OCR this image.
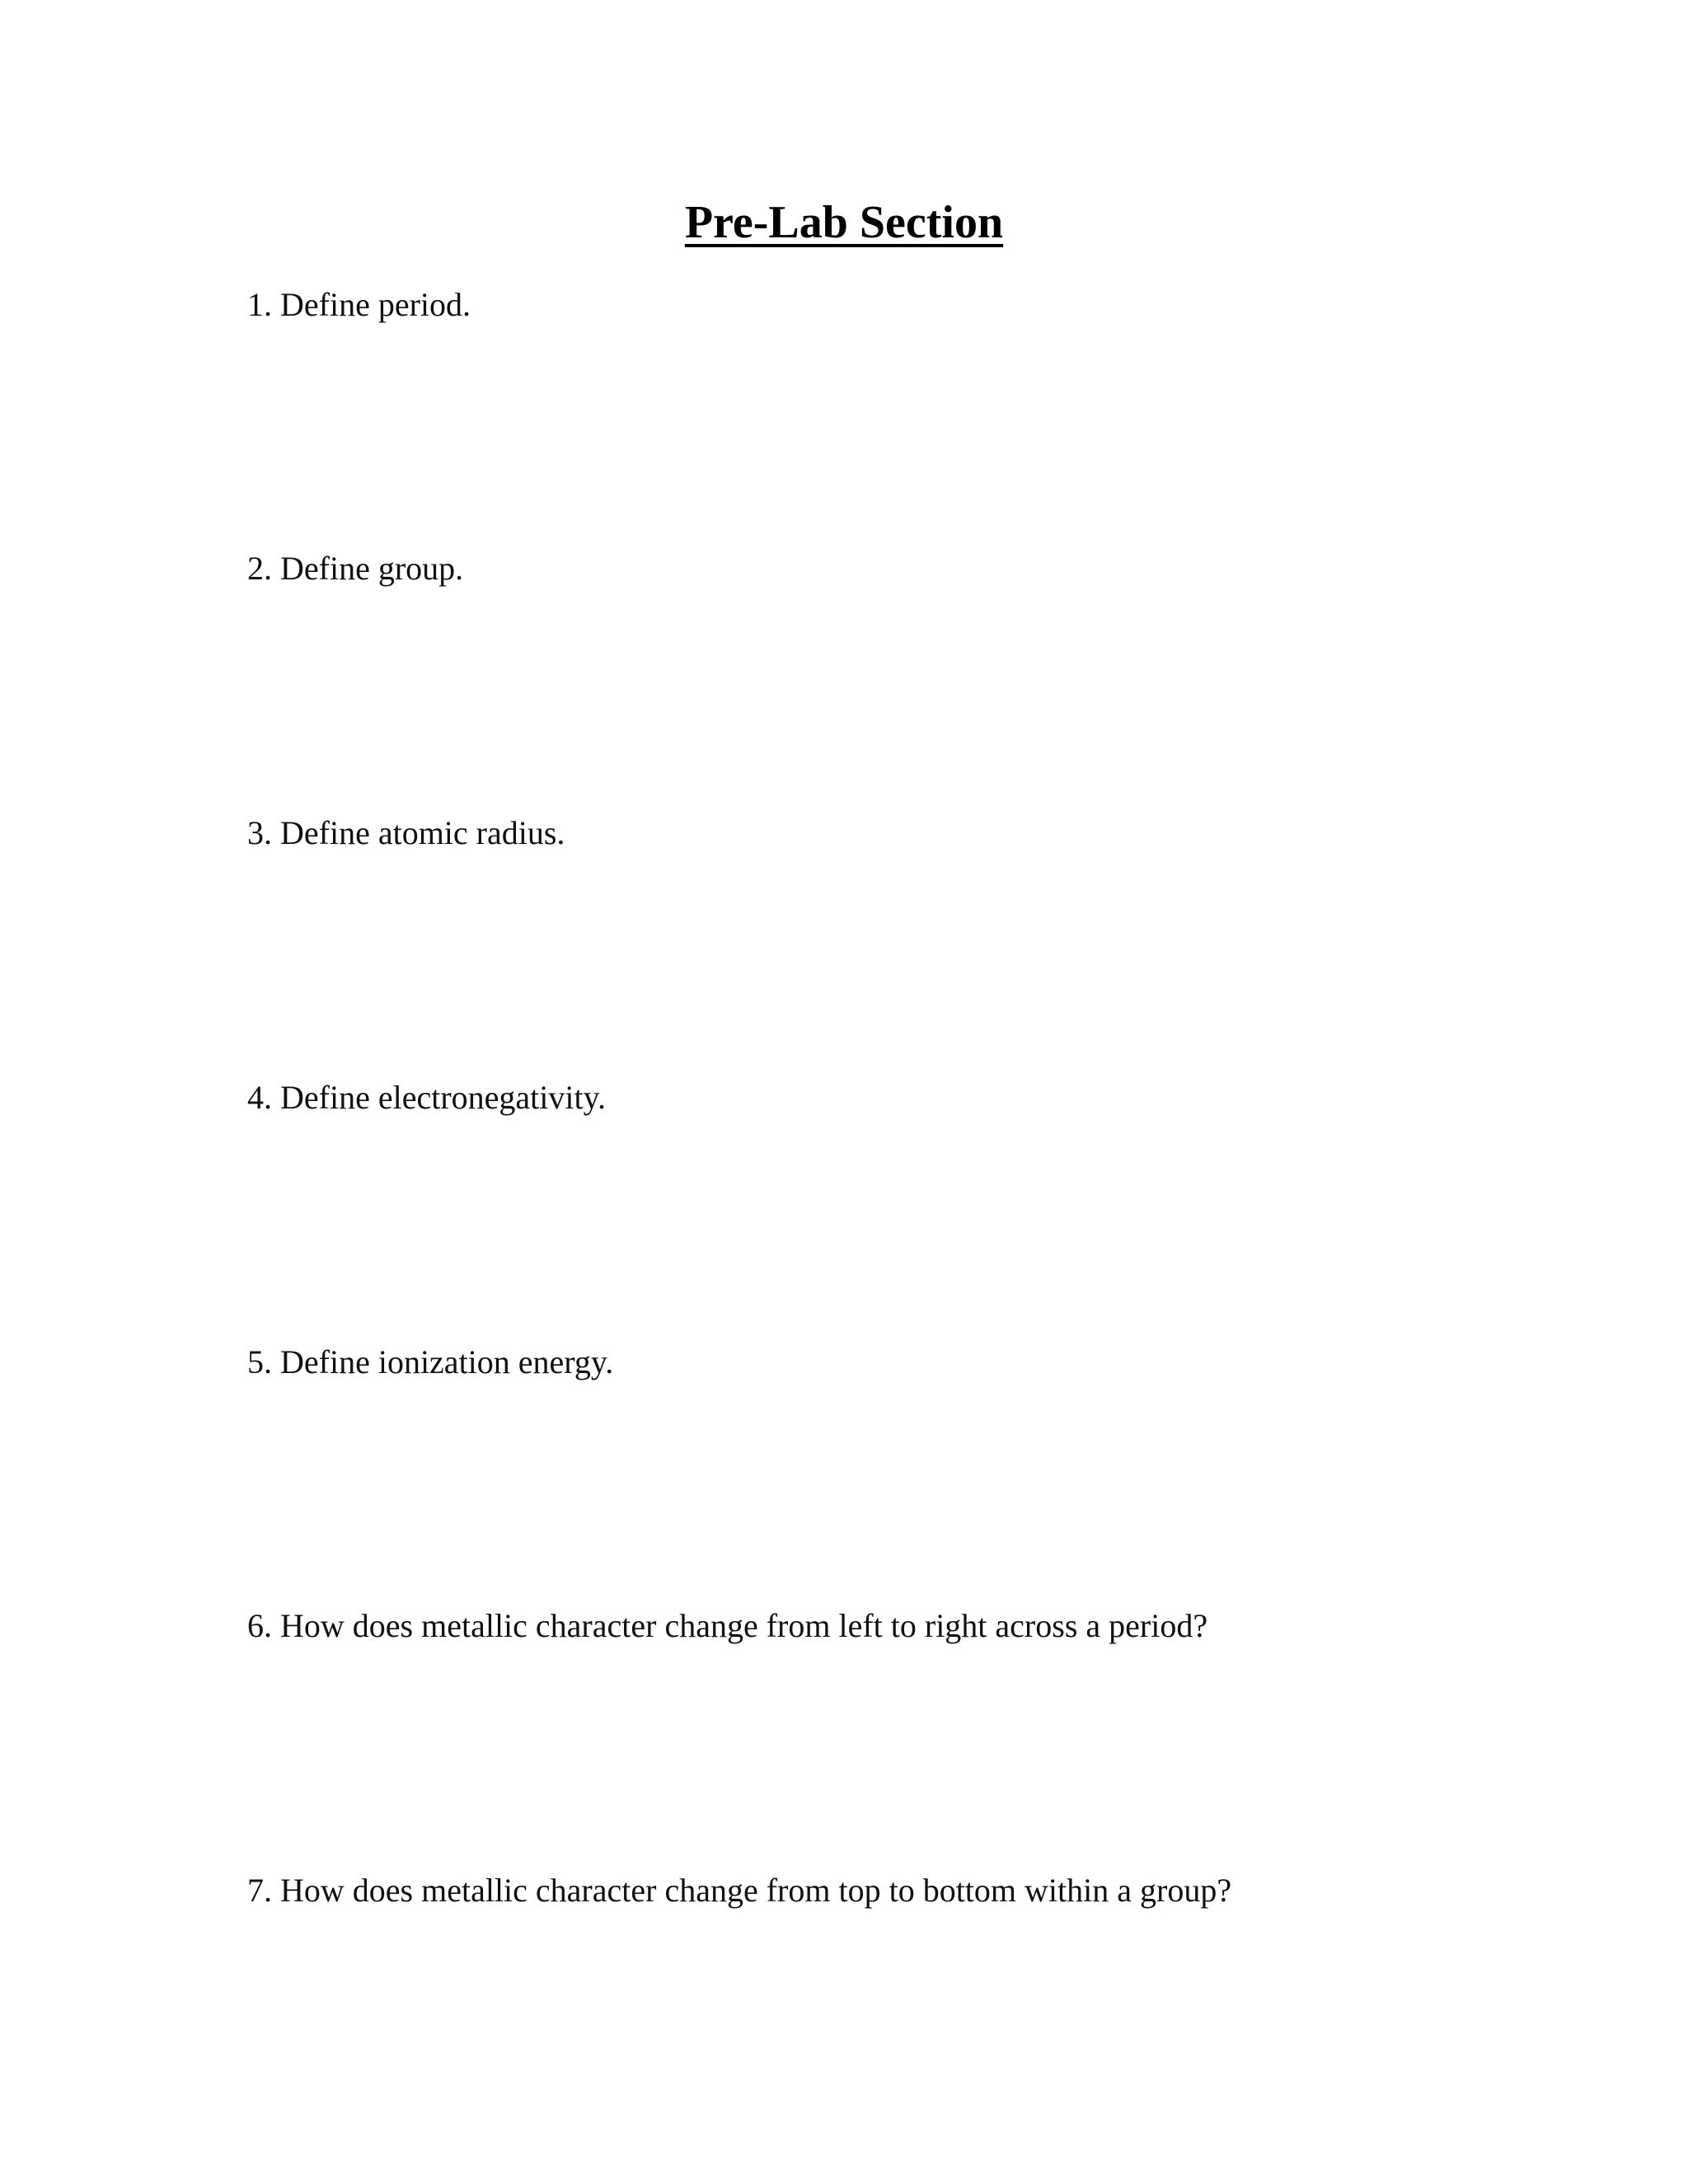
Pre-Lab Section

1. Define period.

2. Define group.

3. Define atomic radius.

4. Define electronegativity.

5. Define ionization energy.

6. How does metallic character change from left to right across a period?

7. How does metallic character change from top to bottom within a group?
